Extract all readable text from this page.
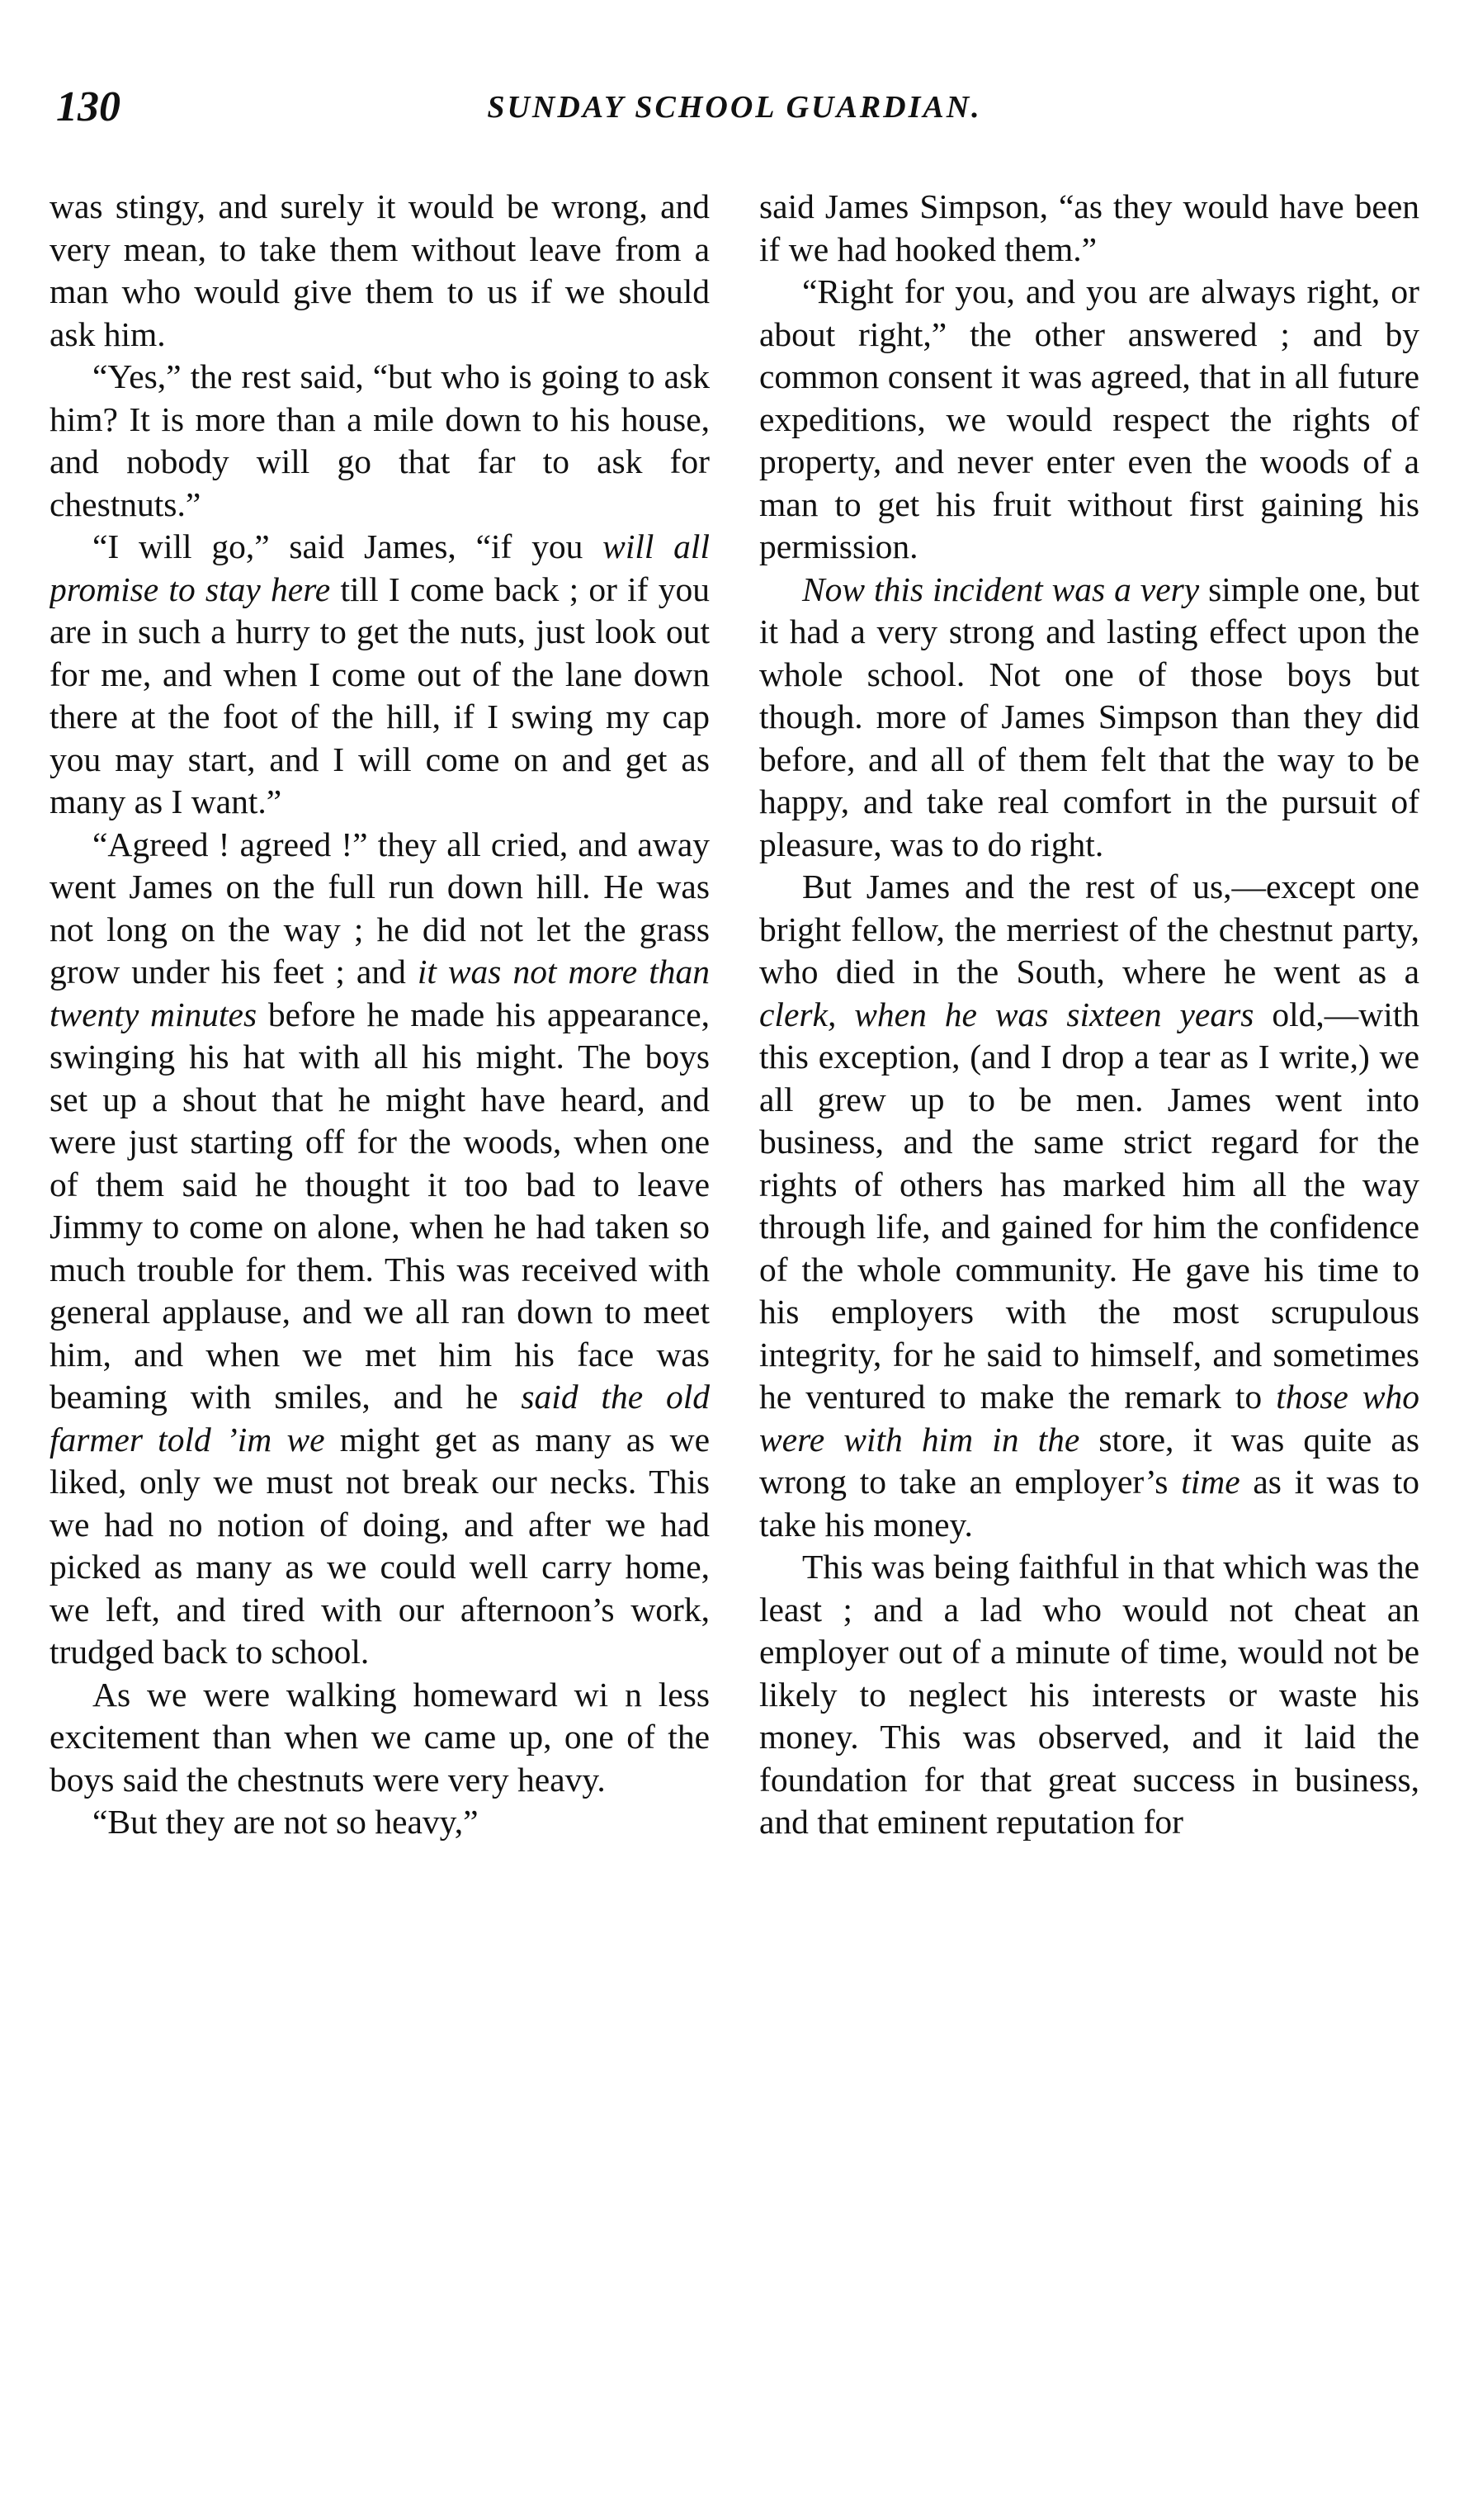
130	SUNDAY SCHOOL GUARDIAN.

was stingy, and surely it would be wrong, and very mean, to take them without leave from a man who would give them to us if we should ask him.

“Yes,” the rest said, “but who is going to ask him? It is more than a mile down to his house, and nobody will go that far to ask for chestnuts.”

“I will go,” said James, “if you will all promise to stay here till I come back ; or if you are in such a hurry to get the nuts, just look out for me, and when I come out of the lane down there at the foot of the hill, if I swing my cap you may start, and I will come on and get as many as I want.”

“Agreed ! agreed !” they all cried, and away went James on the full run down hill. He was not long on the way ; he did not let the grass grow under his feet ; and it was not more than twenty minutes before he made his appearance, swinging his hat with all his might. The boys set up a shout that he might have heard, and were just starting off for the woods, when one of them said he thought it too bad to leave Jimmy to come on alone, when he had taken so much trouble for them. This was received with general applause, and we all ran down to meet him, and when we met him his face was beaming with smiles, and he said the old farmer told ’im we might get as many as we liked, only we must not break our necks. This we had no notion of doing, and after we had picked as many as we could well carry home, we left, and tired with our afternoon’s work, trudged back to school.

As we were walking homeward wi n less excitement than when we came up, one of the boys said the chestnuts were very heavy.

“But they are not so heavy,”

said James Simpson, “as they would have been if we had hooked them.”

“Right for you, and you are always right, or about right,” the other answered ; and by common consent it was agreed, that in all future expeditions, we would respect the rights of property, and never enter even the woods of a man to get his fruit without first gaining his permission.

Now this incident was a very simple one, but it had a very strong and lasting effect upon the whole school. Not one of those boys but though. more of James Simpson than they did before, and all of them felt that the way to be happy, and take real comfort in the pursuit of pleasure, was to do right.

But James and the rest of us,—except one bright fellow, the merriest of the chestnut party, who died in the South, where he went as a clerk, when he was sixteen years old,—with this exception, (and I drop a tear as I write,) we all grew up to be men. James went into business, and the same strict regard for the rights of others has marked him all the way through life, and gained for him the confidence of the whole community. He gave his time to his employers with the most scrupulous integrity, for he said to himself, and sometimes he ventured to make the remark to those who were with him in the store, it was quite as wrong to take an employer’s time as it was to take his money.

This was being faithful in that which was the least ; and a lad who would not cheat an employer out of a minute of time, would not be likely to neglect his interests or waste his money. This was observed, and it laid the foundation for that great success in business, and that eminent reputation for
